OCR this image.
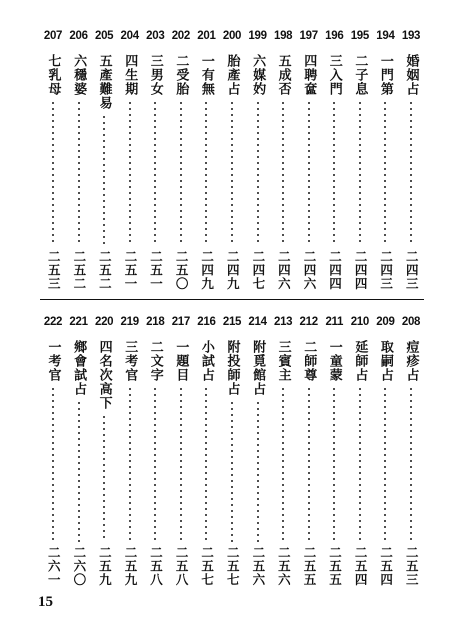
207
七乳母
二五三
206
六穩婆
二五二
205
五產難易
二五二
204
四生期
二五一
203
三男女
二五一
202
二受胎
二五〇
201
一有無
二四九
200
胎產占
二四九
199
六媒妁
二四七
198
五成否
二四六
197
四聘奩
二四六
196
三入門
二四四
195
二子息
二四四
194
一門第
二四三
193
婚姻占
二四三
222
一考官
二六一
221
鄉會試占
二六〇
220
四名次高下
二五九
219
三考官
二五九
218
二文字
二五八
217
一題目
二五八
216
小試占
二五七
215
附投師占
二五七
214
附覓館占
二五六
213
三賓主
二五六
212
二師尊
二五五
211
一童蒙
二五五
210
延師占
二五四
209
取嗣占
二五四
208
痘疹占
二五三
15
